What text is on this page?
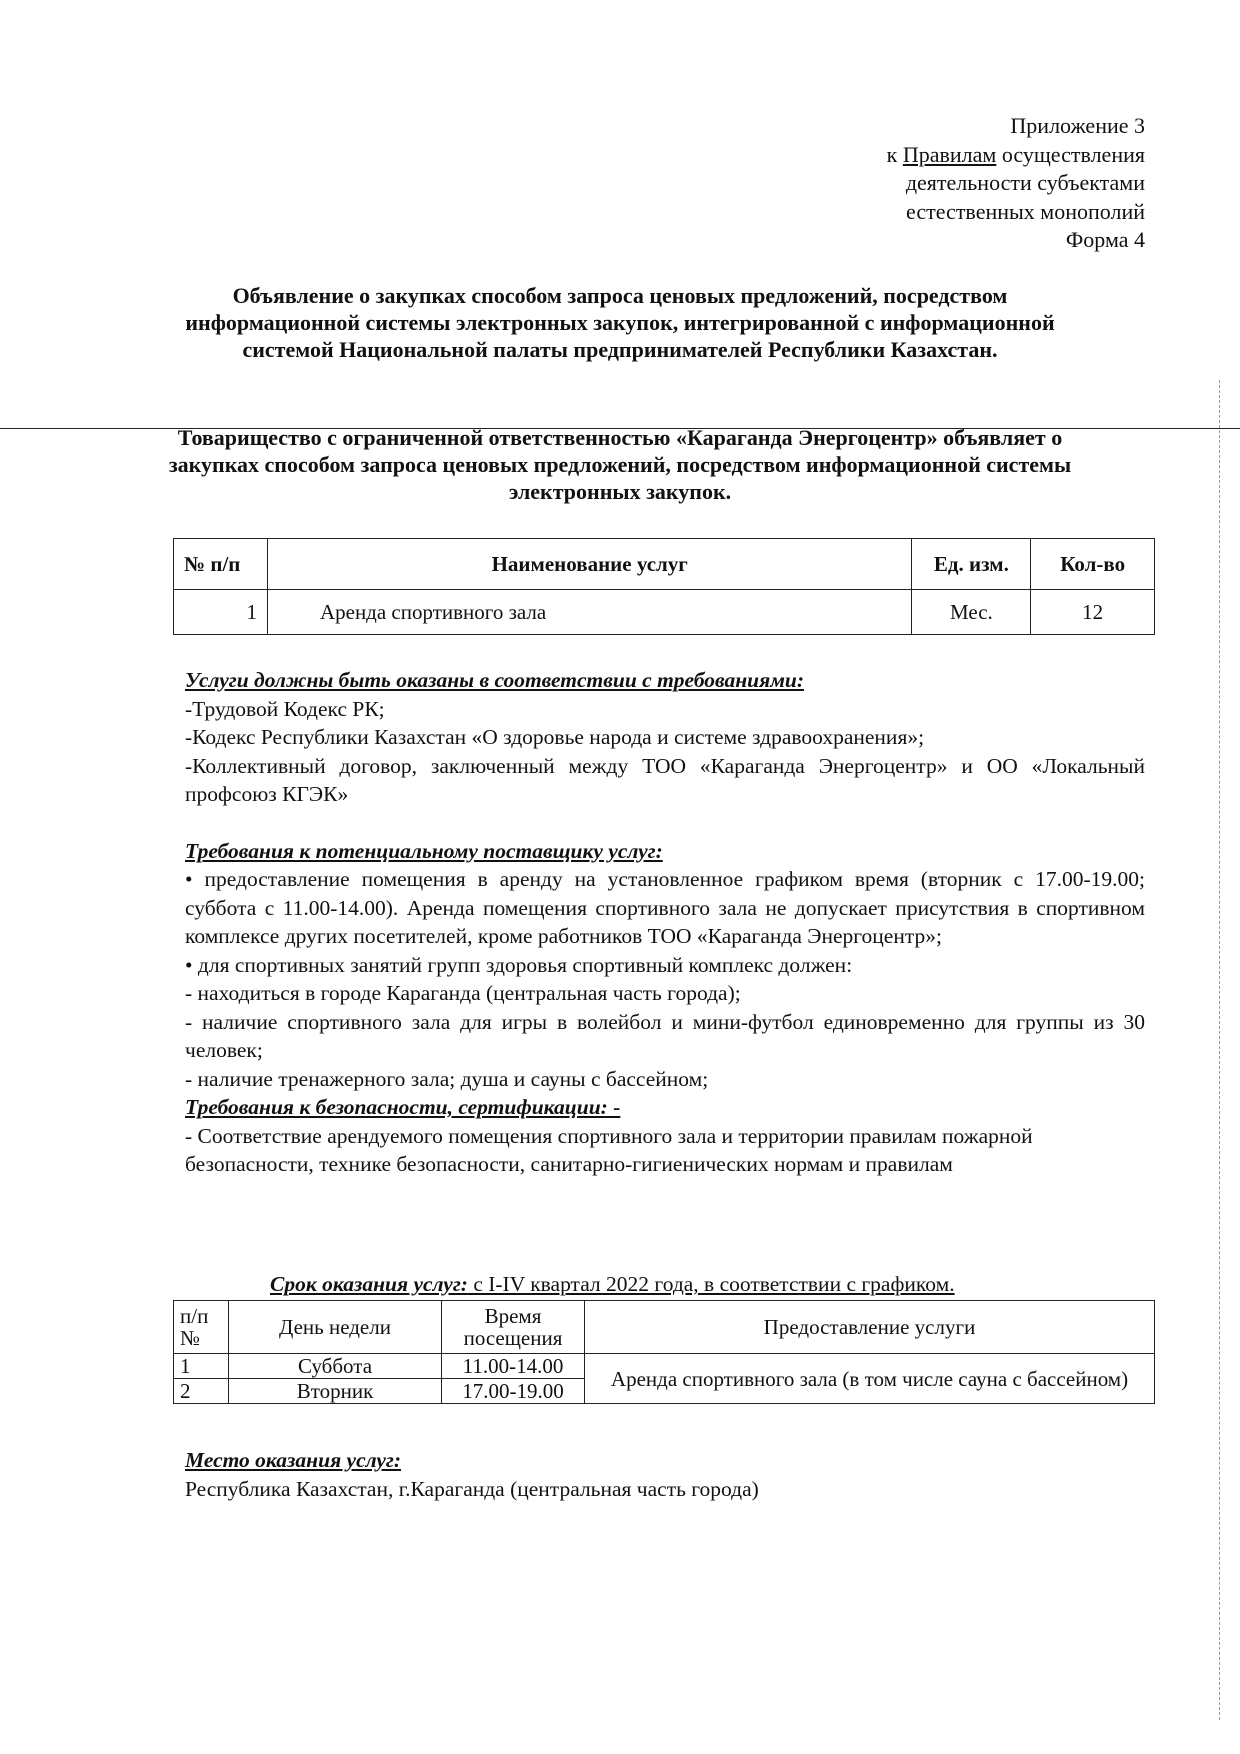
Приложение 3
к Правилам осуществления
деятельности субъектами
естественных монополий
Форма 4
Объявление о закупках способом запроса ценовых предложений, посредством информационной системы электронных закупок, интегрированной с информационной системой Национальной палаты предпринимателей Республики Казахстан.
Товарищество с ограниченной ответственностью «Караганда Энергоцентр» объявляет о закупках способом запроса ценовых предложений, посредством информационной системы электронных закупок.
№ п/п	Наименование услуг	Ед. изм.	Кол-во
1	Аренда спортивного зала	Мес.	12

Услуги должны быть оказаны в соответствии с требованиями:

-Трудовой Кодекс РК;

-Кодекс Республики Казахстан «О здоровье народа и системе здравоохранения»;

-Коллективный договор, заключенный между ТОО «Караганда Энергоцентр» и ОО «Локальный профсоюз КГЭК»

Требования к потенциальному поставщику услуг:

• предоставление помещения в аренду на установленное графиком время (вторник с 17.00-19.00; суббота с 11.00-14.00). Аренда помещения спортивного зала не допускает присутствия в спортивном комплексе других посетителей, кроме работников ТОО «Караганда Энергоцентр»;

• для спортивных занятий групп здоровья спортивный комплекс должен:

- находиться в городе Караганда (центральная часть города);

- наличие спортивного зала для игры в волейбол и мини-футбол единовременно для группы из 30 человек;

- наличие тренажерного зала; душа и сауны с бассейном;

Требования к безопасности, сертификации: -

- Соответствие арендуемого помещения спортивного зала и территории правилам пожарной безопасности, технике безопасности, санитарно-гигиенических нормам и правилам

Срок оказания услуг: с I-IV квартал 2022 года, в соответствии с графиком.
п/п №	День недели	Время посещения	Предоставление услуги
1	Суббота	11.00-14.00	Аренда спортивного зала (в том числе сауна с бассейном)
2	Вторник	17.00-19.00	

Место оказания услуг:

Республика Казахстан, г.Караганда (центральная часть города)
